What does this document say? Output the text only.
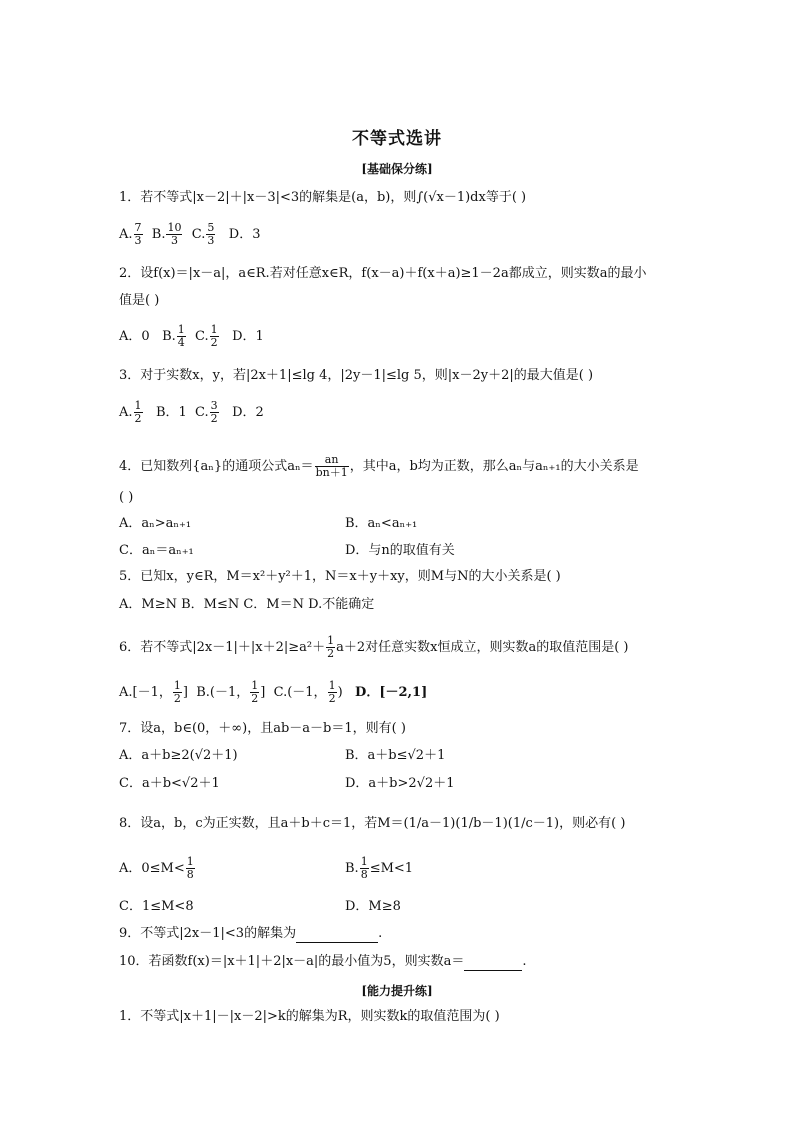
不等式选讲
[基础保分练]
1．若不等式|x－2|＋|x－3|<3的解集是(a，b)，则∫(√x－1)dx等于( )
A. $\frac{7}{3} B$. $\frac{10}{3} C$. $\frac{5}{3}$ D．3
2．设f(x)＝|x－a|，a∈R.若对任意x∈R，f(x－a)＋f(x＋a)≥1－2a都成立，则实数a的最小
值是( )
A．0 B. $\frac{1}{4} C$. $\frac{1}{2}$ D．1
3．对于实数x，y，若|2x＋1|≤lg 4，|2y－1|≤lg 5，则|x－2y＋2|的最大值是( )
A. $\frac{1}{2}$ B．1 C. $\frac{3}{2}$ D．2
4．已知数列{aₙ}的通项公式$a_n= \frac{an}{bn+1}$ ，其中a，b均为正数，那么aₙ与aₙ₊₁的大小关系是
( )
A．aₙ>aₙ₊₁	B．aₙ<aₙ₊₁
C．aₙ＝aₙ₊₁	D．与n的取值有关
5．已知x，y∈R，M＝x²＋y²＋1，N＝x＋y＋xy，则M与N的大小关系是( )
A．M≥N B．M≤N C．M＝N D.不能确定
6．若不等式$|2x-1|+|x+2|\ge a^2+ \frac{1}{2} a+2$对任意实数x恒成立，则实数a的取值范围是( )
A.[－1， $\frac{1}{2}$ ] B.(－1， $\frac{1}{2}$ ] C.(－1， $\frac{1}{2}$ ) D．[－2,1]
7．设a，b∈(0，＋∞)，且ab－a－b＝1，则有( )
A．a＋b≥2(√2＋1)	B．a＋b≤√2＋1
C．a＋b<√2＋1	D．a＋b>2√2＋1
8．设a，b，c为正实数，且a＋b＋c＝1，若M＝(1/a－1)(1/b－1)(1/c－1)，则必有( )
A．$0\le M< \frac{1}{8}$	B. $\frac{1}{8} \le M<1$
C．1≤M<8	D．M≥8
9．不等式|2x－1|<3的解集为	.
10．若函数f(x)＝|x＋1|＋2|x－a|的最小值为5，则实数a＝	.
[能力提升练]
1．不等式|x＋1|－|x－2|>k的解集为R，则实数k的取值范围为( )
